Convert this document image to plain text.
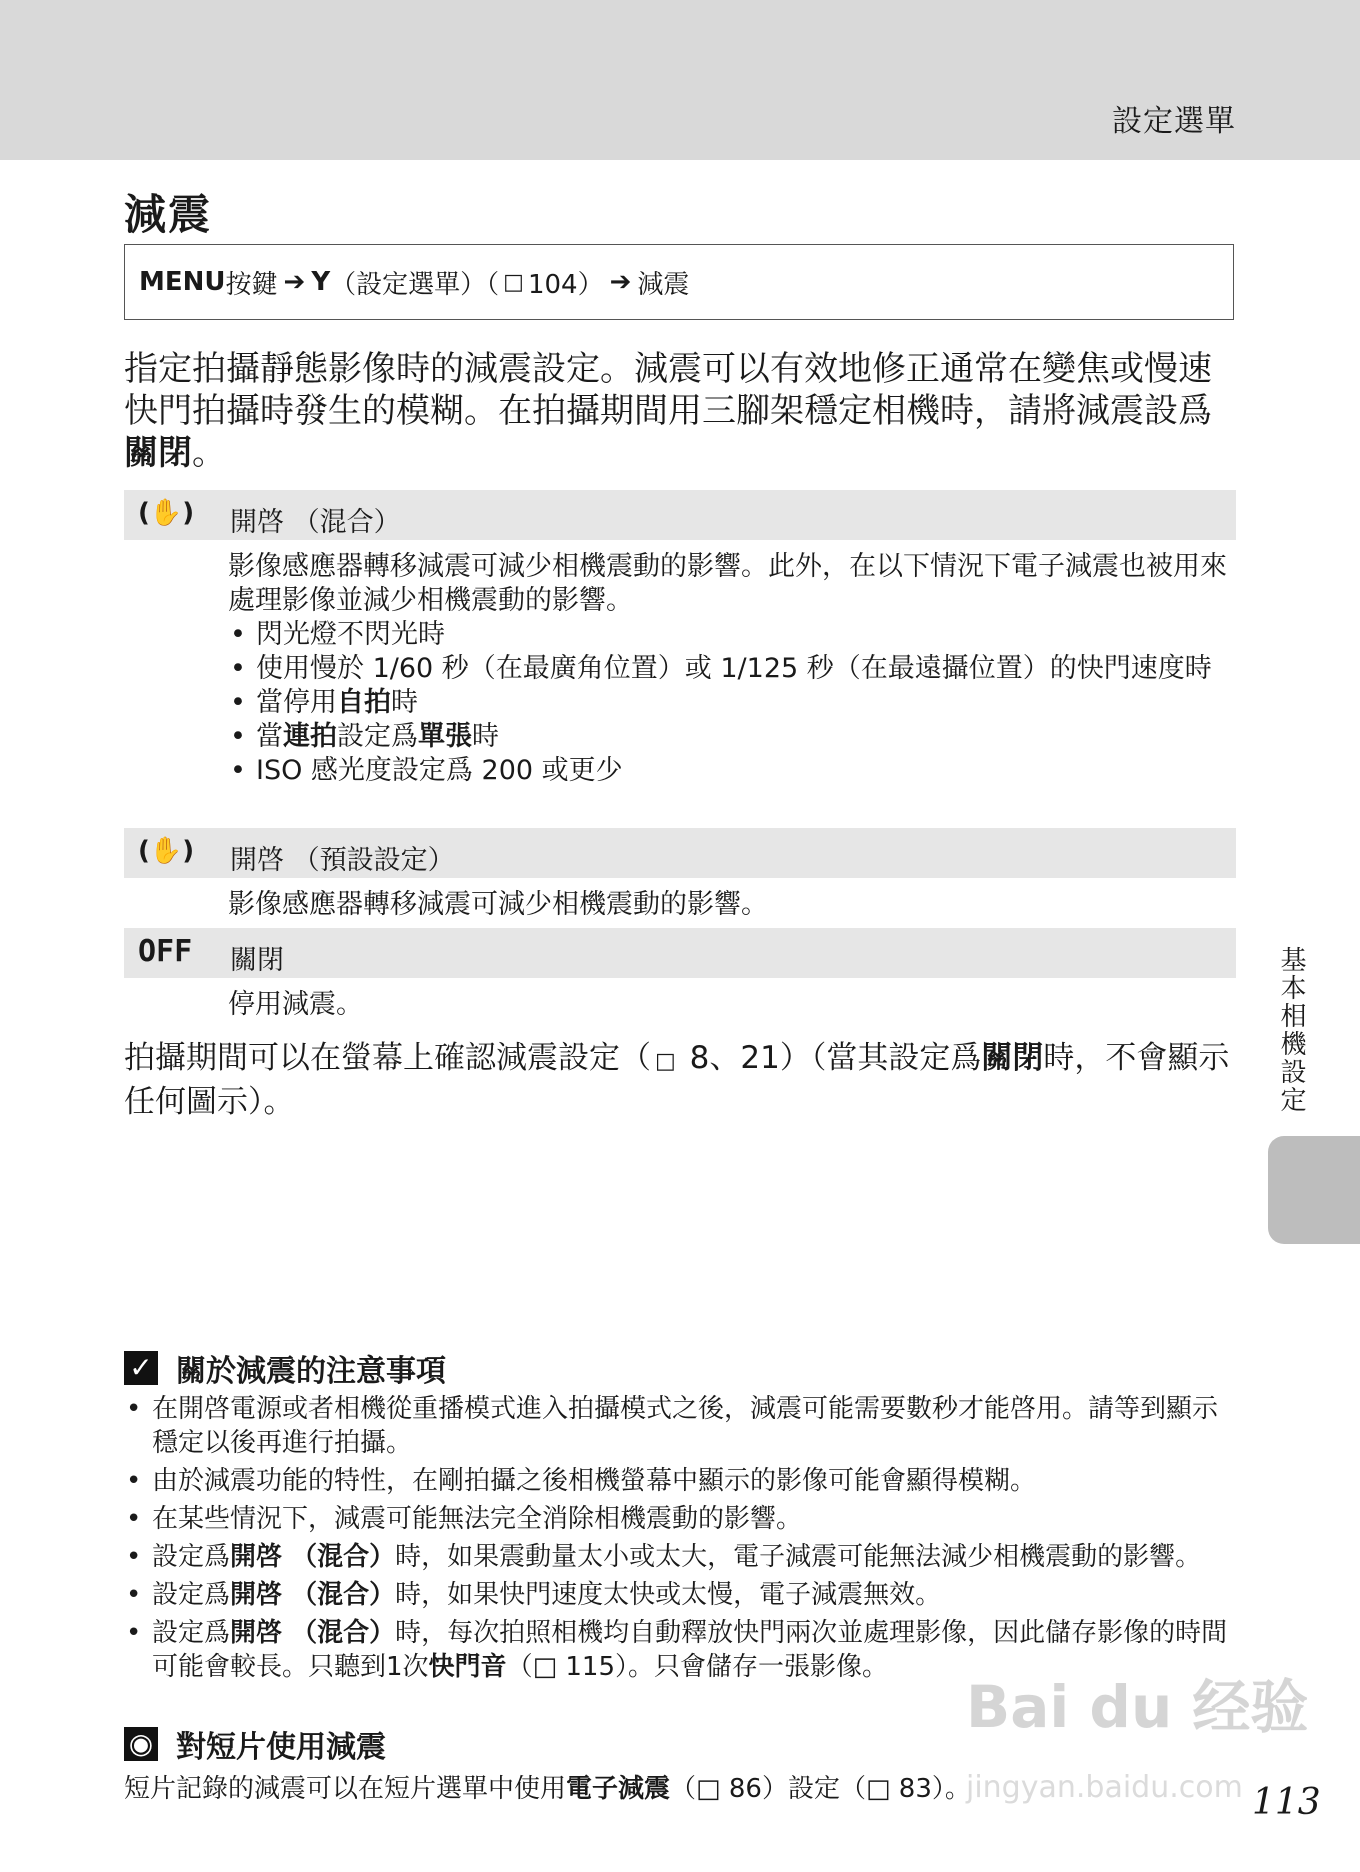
設定選單
減震
MENU 按鍵 ➔ Y （設定選單）（ □ 104） ➔ 減震
指定拍攝靜態影像時的減震設定。減震可以有效地修正通常在變焦或慢速快門拍攝時發生的模糊。在拍攝期間用三腳架穩定相機時，請將減震設爲關閉。
(✋) 開啓 （混合）
影像感應器轉移減震可減少相機震動的影響。此外，在以下情況下電子減震也被用來處理影像並減少相機震動的影響。
• 閃光燈不閃光時
• 使用慢於 1/60 秒（在最廣角位置）或 1/125 秒（在最遠攝位置）的快門速度時
• 當停用自拍時
• 當連拍設定爲單張時
• ISO 感光度設定爲 200 或更少
(✋) 開啓 （預設設定）
影像感應器轉移減震可減少相機震動的影響。
OFF 關閉
停用減震。
拍攝期間可以在螢幕上確認減震設定（ □ 8、21）（當其設定爲關閉時，不會顯示任何圖示）。	基本相機設定
✓ 關於減震的注意事項
• 在開啓電源或者相機從重播模式進入拍攝模式之後，減震可能需要數秒才能啓用。請等到顯示穩定以後再進行拍攝。
• 由於減震功能的特性，在剛拍攝之後相機螢幕中顯示的影像可能會顯得模糊。
• 在某些情況下，減震可能無法完全消除相機震動的影響。
• 設定爲開啓 （混合）時，如果震動量太小或太大，電子減震可能無法減少相機震動的影響。
• 設定爲開啓 （混合）時，如果快門速度太快或太慢，電子減震無效。
• 設定爲開啓 （混合）時，每次拍照相機均自動釋放快門兩次並處理影像，因此儲存影像的時間可能會較長。只聽到1次快門音（□ 115）。只會儲存一張影像。
◉ 對短片使用減震
短片記錄的減震可以在短片選單中使用電子減震（□ 86）設定（□ 83）。
Bai du 经验
jingyan.baidu.com 113
